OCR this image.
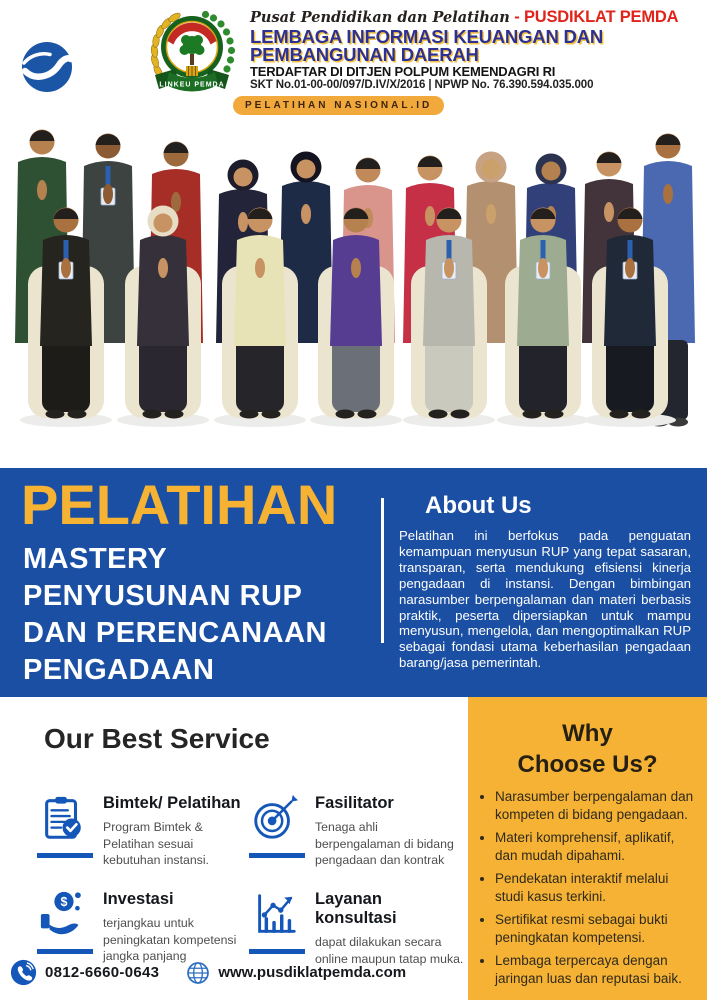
LINKEU PEMDA
Pusat Pendidikan dan Pelatihan - PUSDIKLAT PEMDA
LEMBAGA INFORMASI KEUANGAN DAN
PEMBANGUNAN DAERAH
TERDAFTAR DI DITJEN POLPUM KEMENDAGRI RI
SKT No.01-00-00/097/D.IV/X/2016 | NPWP No. 76.390.594.035.000
PELATIHAN NASIONAL.ID
PELATIHAN
MASTERY
PENYUSUNAN RUP
DAN PERENCANAAN
PENGADAAN
About Us

Pelatihan ini berfokus pada penguatan kemampuan menyusun RUP yang tepat sasaran, transparan, serta mendukung efisiensi kinerja pengadaan di instansi. Dengan bimbingan narasumber berpengalaman dan materi berbasis praktik, peserta dipersiapkan untuk mampu menyusun, mengelola, dan mengoptimalkan RUP sebagai fondasi utama keberhasilan pengadaan barang/jasa pemerintah.

Our Best Service
Bimtek/ Pelatihan

Program Bimtek & Pelatihan sesuai kebutuhan instansi.

Fasilitator

Tenaga ahli berpengalaman di bidang pengadaan dan kontrak

$ Investasi

terjangkau untuk peningkatan kompetensi jangka panjang

Layanan konsultasi

dapat dilakukan secara online maupun tatap muka.

0812-6660-0643	www.pusdiklatpemda.com
Why
Choose Us?
• Narasumber berpengalaman dan kompeten di bidang pengadaan.
• Materi komprehensif, aplikatif, dan mudah dipahami.
• Pendekatan interaktif melalui studi kasus terkini.
• Sertifikat resmi sebagai bukti peningkatan kompetensi.
• Lembaga terpercaya dengan jaringan luas dan reputasi baik.
